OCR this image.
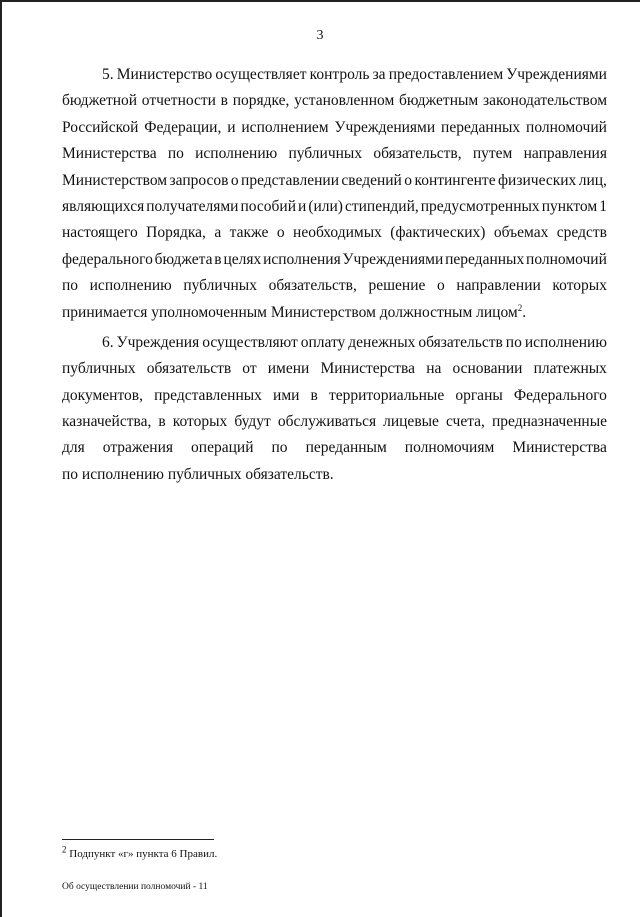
3
5. Министерство осуществляет контроль за предоставлением Учреждениями
бюджетной отчетности в порядке, установленном бюджетным законодательством
Российской Федерации, и исполнением Учреждениями переданных полномочий
Министерства по исполнению публичных обязательств, путем направления
Министерством запросов о представлении сведений о контингенте физических лиц,
являющихся получателями пособий и (или) стипендий, предусмотренных пунктом 1
настоящего Порядка, а также о необходимых (фактических) объемах средств
федерального бюджета в целях исполнения Учреждениями переданных полномочий
по исполнению публичных обязательств, решение о направлении которых
принимается уполномоченным Министерством должностным лицом$^2$.
6. Учреждения осуществляют оплату денежных обязательств по исполнению
публичных обязательств от имени Министерства на основании платежных
документов, представленных ими в территориальные органы Федерального
казначейства, в которых будут обслуживаться лицевые счета, предназначенные
для отражения операций по переданным полномочиям Министерства
по исполнению публичных обязательств.
$^2$ Подпункт «г» пункта 6 Правил.
Об осуществлении полномочий - 11
